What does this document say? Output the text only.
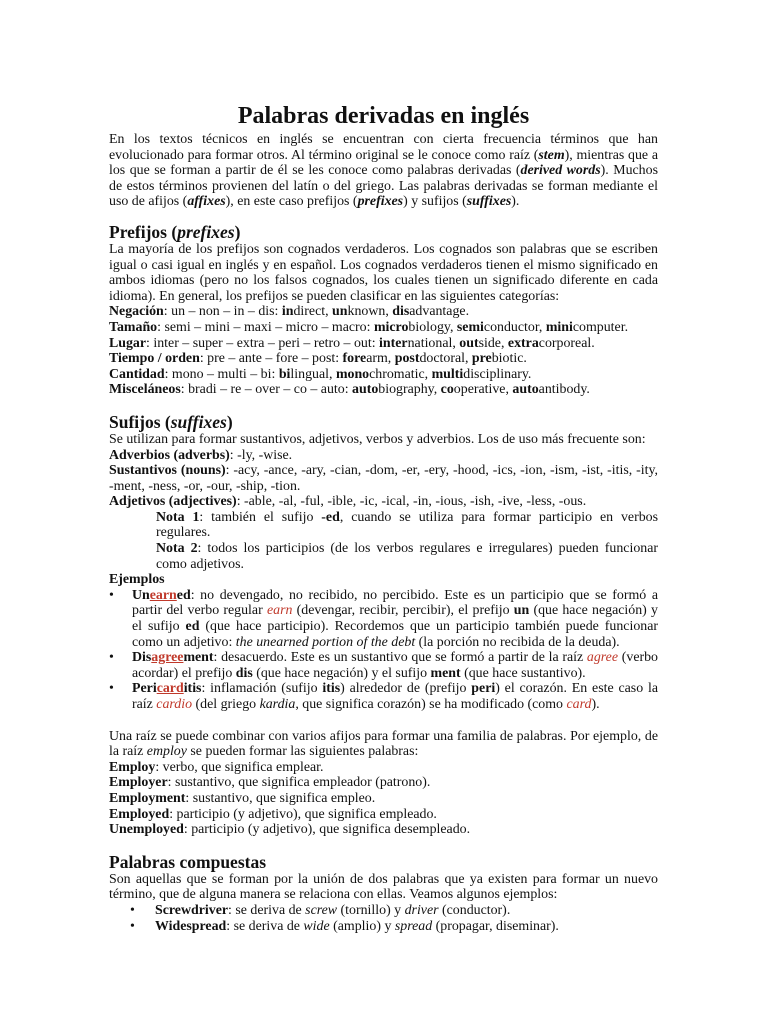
Palabras derivadas en inglés

En los textos técnicos en inglés se encuentran con cierta frecuencia términos que han evolucionado para formar otros. Al término original se le conoce como raíz (stem), mientras que a los que se forman a partir de él se les conoce como palabras derivadas (derived words). Muchos de estos términos provienen del latín o del griego. Las palabras derivadas se forman mediante el uso de afijos (affixes), en este caso prefijos (prefixes) y sufijos (suffixes).

Prefijos (prefixes)

La mayoría de los prefijos son cognados verdaderos. Los cognados son palabras que se escriben igual o casi igual en inglés y en español. Los cognados verdaderos tienen el mismo significado en ambos idiomas (pero no los falsos cognados, los cuales tienen un significado diferente en cada idioma). En general, los prefijos se pueden clasificar en las siguientes categorías:

Negación: un – non – in – dis: indirect, unknown, disadvantage.

Tamaño: semi – mini – maxi – micro – macro: microbiology, semiconductor, minicomputer.

Lugar: inter – super – extra – peri – retro – out: international, outside, extracorporeal.

Tiempo / orden: pre – ante – fore – post: forearm, postdoctoral, prebiotic.

Cantidad: mono – multi – bi: bilingual, monochromatic, multidisciplinary.

Misceláneos: bradi – re – over – co – auto: autobiography, cooperative, autoantibody.

Sufijos (suffixes)

Se utilizan para formar sustantivos, adjetivos, verbos y adverbios. Los de uso más frecuente son:

Adverbios (adverbs): -ly, -wise.

Sustantivos (nouns): -acy, -ance, -ary, -cian, -dom, -er, -ery, -hood, -ics, -ion, -ism, -ist, -itis, -ity, -ment, -ness, -or, -our, -ship, -tion.

Adjetivos (adjectives): -able, -al, -ful, -ible, -ic, -ical, -in, -ious, -ish, -ive, -less, -ous.

Nota 1: también el sufijo -ed, cuando se utiliza para formar participio en verbos regulares.

Nota 2: todos los participios (de los verbos regulares e irregulares) pueden funcionar como adjetivos.

Ejemplos

• Unearned: no devengado, no recibido, no percibido. Este es un participio que se formó a partir del verbo regular earn (devengar, recibir, percibir), el prefijo un (que hace negación) y el sufijo ed (que hace participio). Recordemos que un participio también puede funcionar como un adjetivo: the unearned portion of the debt (la porción no recibida de la deuda).
• Disagreement: desacuerdo. Este es un sustantivo que se formó a partir de la raíz agree (verbo acordar) el prefijo dis (que hace negación) y el sufijo ment (que hace sustantivo).
• Pericarditis: inflamación (sufijo itis) alrededor de (prefijo peri) el corazón. En este caso la raíz cardio (del griego kardia, que significa corazón) se ha modificado (como card).

Una raíz se puede combinar con varios afijos para formar una familia de palabras. Por ejemplo, de la raíz employ se pueden formar las siguientes palabras:

Employ: verbo, que significa emplear.

Employer: sustantivo, que significa empleador (patrono).

Employment: sustantivo, que significa empleo.

Employed: participio (y adjetivo), que significa empleado.

Unemployed: participio (y adjetivo), que significa desempleado.

Palabras compuestas

Son aquellas que se forman por la unión de dos palabras que ya existen para formar un nuevo término, que de alguna manera se relaciona con ellas. Veamos algunos ejemplos:

• Screwdriver: se deriva de screw (tornillo) y driver (conductor).
• Widespread: se deriva de wide (amplio) y spread (propagar, diseminar).
